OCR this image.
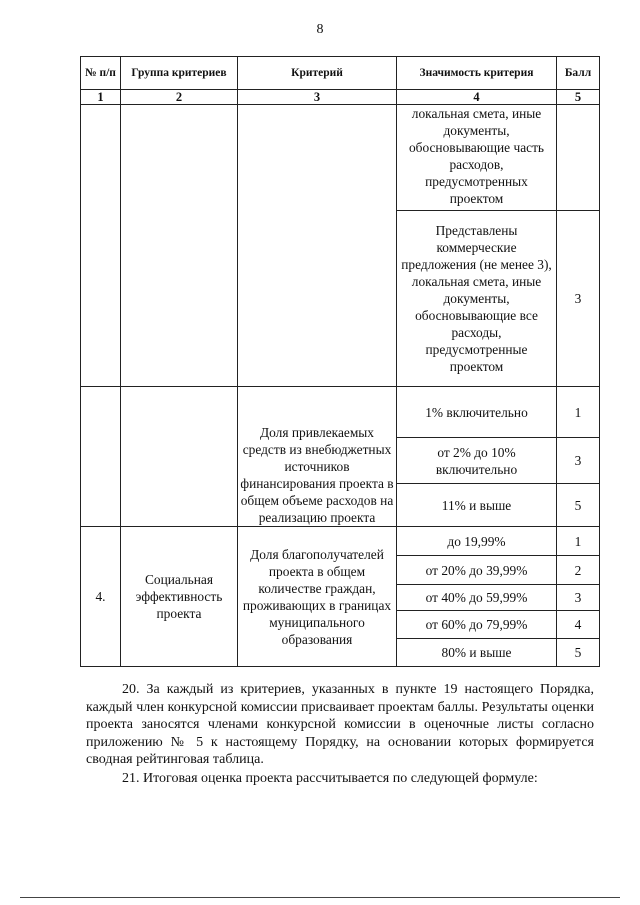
8
№ п/п	Группа критериев	Критерий	Значимость критерия	Балл
1	2	3	4	5
			локальная смета, иные документы, обосновывающие часть расходов, предусмотренных проектом	
			Представлены коммерческие предложения (не менее 3), локальная смета, иные документы, обосновывающие все расходы, предусмотренные проектом	3
		Доля привлекаемых средств из внебюджетных источников финансирования проекта в общем объеме расходов на реализацию проекта	1% включительно	1
			от 2% до 10% включительно	3
			11% и выше	5
4.	Социальная эффективность проекта	Доля благополучателей проекта в общем количестве граждан, проживающих в границах муниципального образования	до 19,99%	1
			от 20% до 39,99%	2
			от 40% до 59,99%	3
			от 60% до 79,99%	4
			80% и выше	5

20. За каждый из критериев, указанных в пункте 19 настоящего Порядка, каждый член конкурсной комиссии присваивает проектам баллы. Результаты оценки проекта заносятся членами конкурсной комиссии в оценочные листы согласно приложению № 5 к настоящему Порядку, на основании которых формируется сводная рейтинговая таблица.

21. Итоговая оценка проекта рассчитывается по следующей формуле:
